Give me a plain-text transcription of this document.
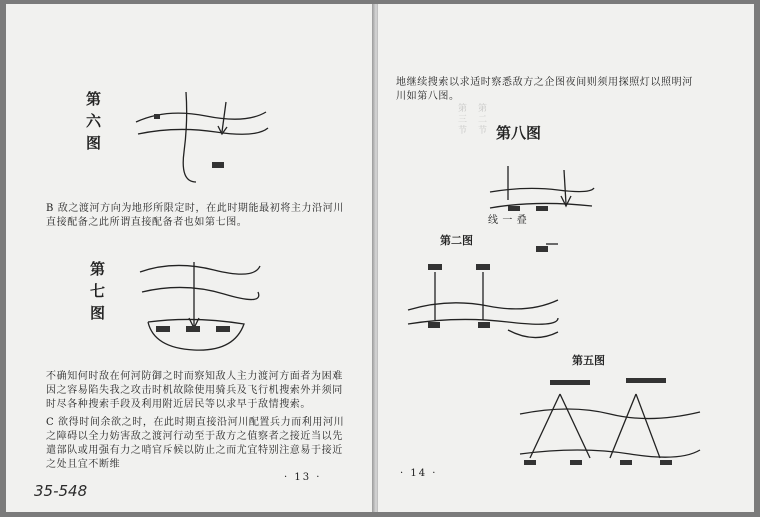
第六图
B 敌之渡河方向为地形所限定时，在此时期能最初将主力沿河川直接配备之此所谓直接配备者也如第七图。
第七图
不确知何时敌在何河防御之时而察知敌人主力渡河方面者为困难因之容易陷失我之攻击时机故除使用骑兵及飞行机搜索外并须同时尽各种搜索手段及利用附近居民等以求早于敌情搜索。
C 欲得时间余欲之时，在此时期直接沿河川配置兵力而利用河川之障碍以全力妨害敌之渡河行动至于敌方之值察者之接近当以先遣部队或用强有力之哨官斥候以防止之而尤宜特别注意易于接近之处且宜不断维
· 13 ·
第三节
第二节
地继续搜索以求适时察悉敌方之企图夜间则须用探照灯以照明河川如第八图。
第八图
线 一 叠
第二图
第五图
· 14 ·
35-548
